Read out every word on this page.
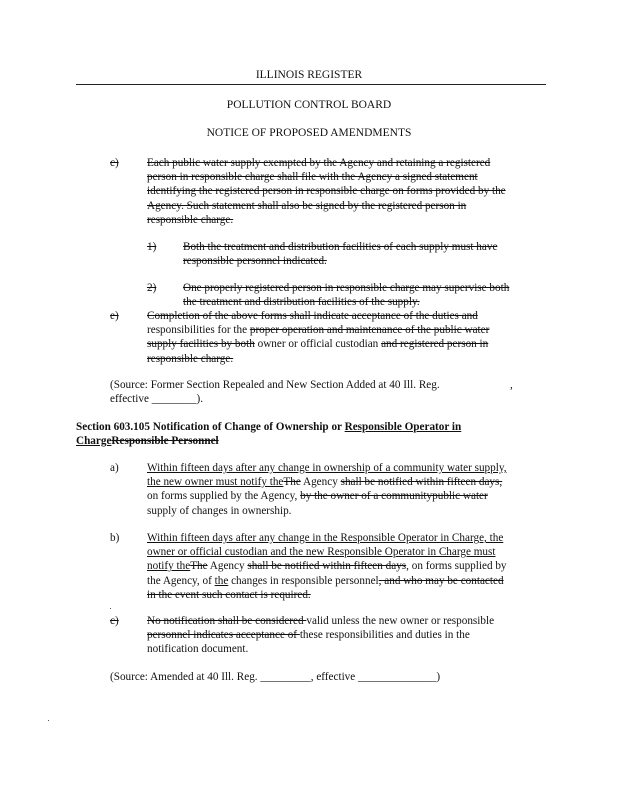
ILLINOIS REGISTER
POLLUTION CONTROL BOARD
NOTICE OF PROPOSED AMENDMENTS
c)	Each public water supply exempted by the Agency and retaining a registered
person in responsible charge shall file with the Agency a signed statement
identifying the registered person in responsible charge on forms provided by the
Agency. Such statement shall also be signed by the registered person in
responsible charge.
1) Both the treatment and distribution facilities of each supply must have
responsible personnel indicated.
2) One properly registered person in responsible charge may supervise both
the treatment and distribution facilities of the supply.
e)	Completion of the above forms shall indicate acceptance of the duties and
responsibilities for the proper operation and maintenance of the public water
supply facilities by both owner or official custodian and registered person in
responsible charge.
(Source: Former Section Repealed and New Section Added at 40 Ill. Reg.
effective ________).
,
Section 603.105 Notification of Change of Ownership or Responsible Operator in
ChargeResponsible Personnel
a)	Within fifteen days after any change in ownership of a community water supply,
the new owner must notify theThe Agency shall be notified within fifteen days,
on forms supplied by the Agency, by the owner of a communitypublic water
supply of changes in ownership.
b) Within fifteen days after any change in the Responsible Operator in Charge, the
owner or official custodian and the new Responsible Operator in Charge must
notify theThe Agency shall be notified within fifteen days, on forms supplied by
the Agency, of the changes in responsible personnel, and who may be contacted
in the event such contact is required.
c)	No notification shall be considered valid unless the new owner or responsible
personnel indicates acceptance of these responsibilities and duties in the
notification document.
(Source: Amended at 40 Ill. Reg. _________, effective ______________)
